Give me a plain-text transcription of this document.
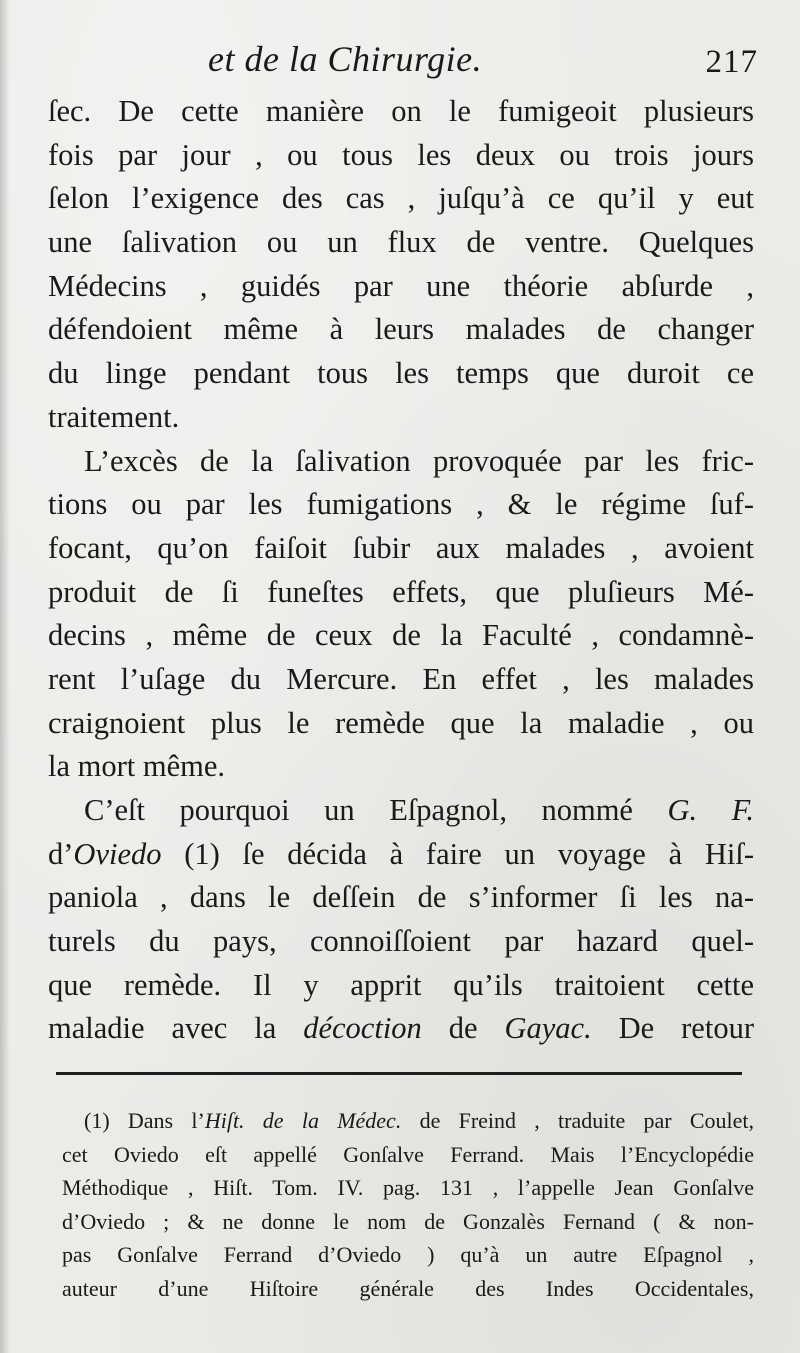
et de la Chirurgie.	217
ſec. De cette manière on le fumigeoit plusieurs
fois par jour , ou tous les deux ou trois jours
ſelon l’exigence des cas , juſqu’à ce qu’il y eut
une ſalivation ou un flux de ventre. Quelques
Médecins , guidés par une théorie abſurde ,
défendoient même à leurs malades de changer
du linge pendant tous les temps que duroit ce
traitement.
L’excès de la ſalivation provoquée par les fric-
tions ou par les fumigations , & le régime ſuf-
focant, qu’on faiſoit ſubir aux malades , avoient
produit de ſi funeſtes effets, que pluſieurs Mé-
decins , même de ceux de la Faculté , condamnè-
rent l’uſage du Mercure. En effet , les malades
craignoient plus le remède que la maladie , ou
la mort même.
C’eſt pourquoi un Eſpagnol, nommé G. F.
d’Oviedo (1) ſe décida à faire un voyage à Hiſ-
paniola , dans le deſſein de s’informer ſi les na-
turels du pays, connoiſſoient par hazard quel-
que remède. Il y apprit qu’ils traitoient cette
maladie avec la décoction de Gayac. De retour
(1) Dans l’Hiſt. de la Médec. de Freind , traduite par Coulet,
cet Oviedo eſt appellé Gonſalve Ferrand. Mais l’Encyclopédie
Méthodique , Hiſt. Tom. IV. pag. 131 , l’appelle Jean Gonſalve
d’Oviedo ; & ne donne le nom de Gonzalès Fernand ( & non-
pas Gonſalve Ferrand d’Oviedo ) qu’à un autre Eſpagnol ,
auteur d’une Hiſtoire générale des Indes Occidentales,
